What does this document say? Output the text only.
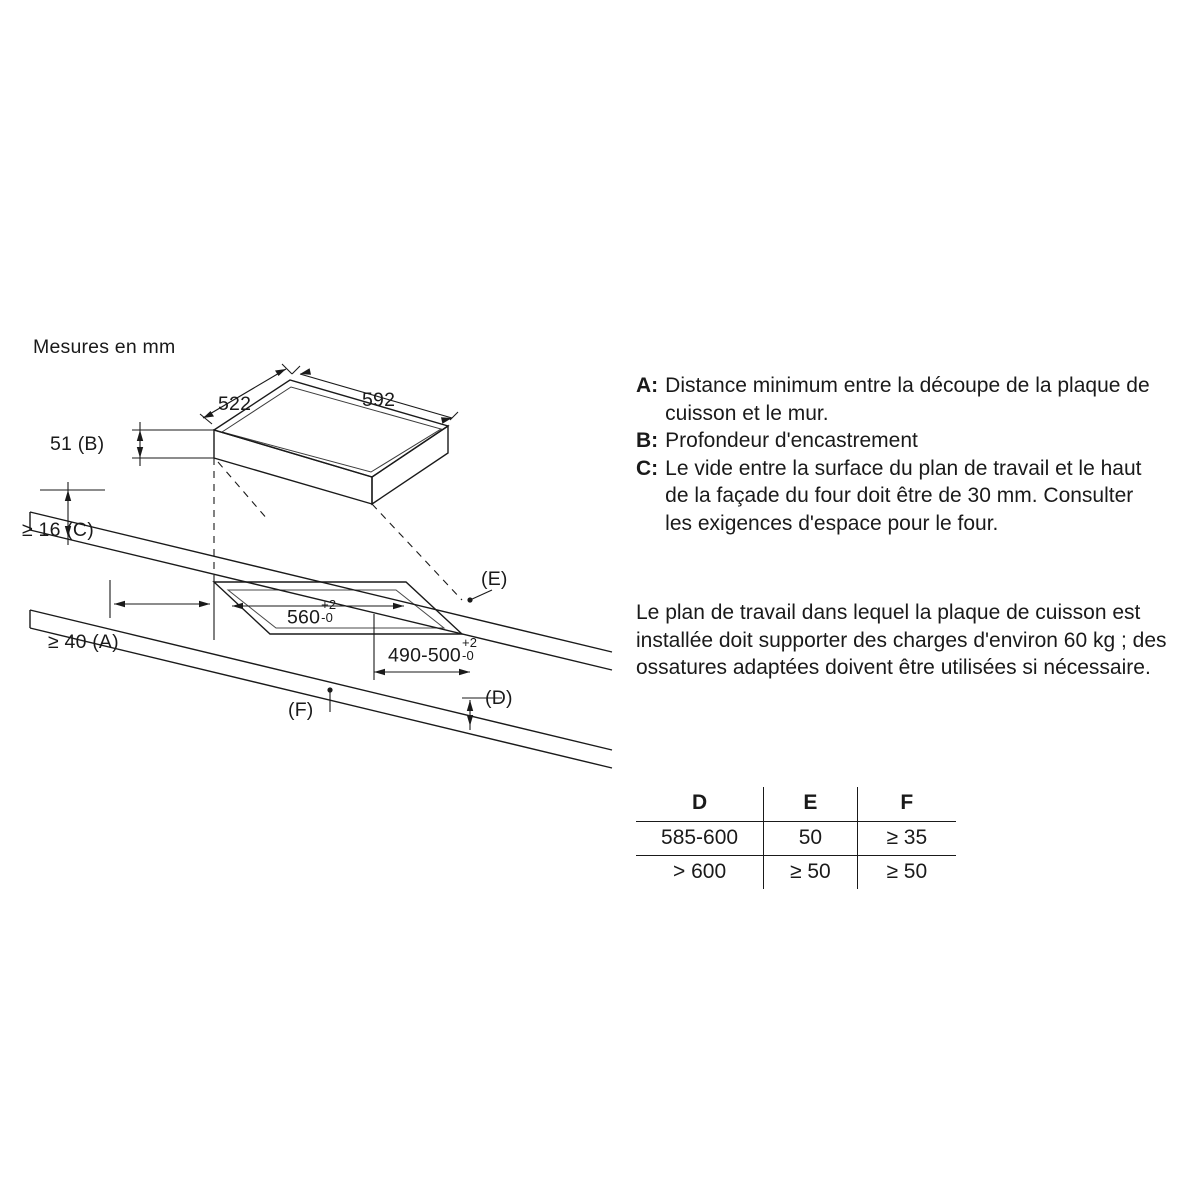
Mesures en mm
522	592
51 (B)
≥ 16 (C)
≥ 40 (A)
560
+2
-0
490-500
+2
-0
(E)
(D)
(F)
A : Distance minimum entre la découpe de la plaque de cuisson et le mur.
B : Profondeur d'encastrement
C : Le vide entre la surface du plan de travail et le haut de la façade du four doit être de 30 mm. Consulter les exigences d'espace pour le four.
Le plan de travail dans lequel la plaque de cuisson est installée doit supporter des charges d'environ 60 kg ; des ossatures adaptées doivent être utilisées si nécessaire.
D	E	F
585-600	50	≥ 35
> 600	≥ 50	≥ 50
